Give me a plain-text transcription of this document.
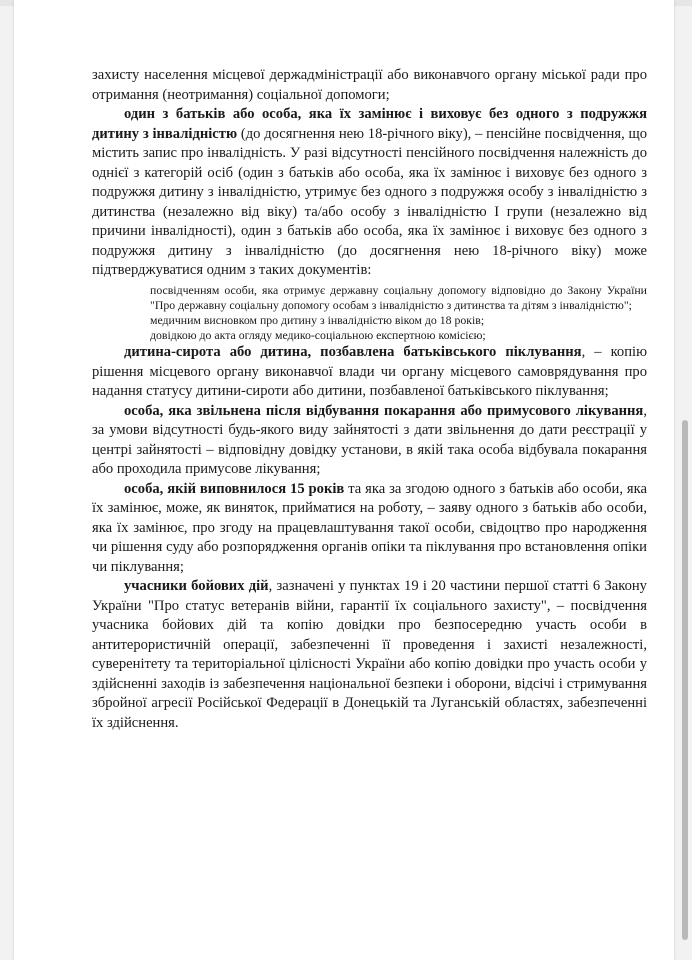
захисту населення місцевої держадміністрації або виконавчого органу міської ради про отримання (неотримання) соціальної допомоги;

один з батьків або особа, яка їх замінює і виховує без одного з подружжя дитину з інвалідністю (до досягнення нею 18-річного віку), – пенсійне посвідчення, що містить запис про інвалідність. У разі відсутності пенсійного посвідчення належність до однієї з категорій осіб (один з батьків або особа, яка їх замінює і виховує без одного з подружжя дитину з інвалідністю, утримує без одного з подружжя особу з інвалідністю з дитинства (незалежно від віку) та/або особу з інвалідністю I групи (незалежно від причини інвалідності), один з батьків або особа, яка їх замінює і виховує без одного з подружжя дитину з інвалідністю (до досягнення нею 18-річного віку) може підтверджуватися одним з таких документів:

посвідченням особи, яка отримує державну соціальну допомогу відповідно до Закону України "Про державну соціальну допомогу особам з інвалідністю з дитинства та дітям з інвалідністю";

медичним висновком про дитину з інвалідністю віком до 18 років;

довідкою до акта огляду медико-соціальною експертною комісією;

дитина-сирота або дитина, позбавлена батьківського піклування, – копію рішення місцевого органу виконавчої влади чи органу місцевого самоврядування про надання статусу дитини-сироти або дитини, позбавленої батьківського піклування;

особа, яка звільнена після відбування покарання або примусового лікування, за умови відсутності будь-якого виду зайнятості з дати звільнення до дати реєстрації у центрі зайнятості – відповідну довідку установи, в якій така особа відбувала покарання або проходила примусове лікування;

особа, якій виповнилося 15 років та яка за згодою одного з батьків або особи, яка їх замінює, може, як виняток, прийматися на роботу, – заяву одного з батьків або особи, яка їх замінює, про згоду на працевлаштування такої особи, свідоцтво про народження чи рішення суду або розпорядження органів опіки та піклування про встановлення опіки чи піклування;

учасники бойових дій, зазначені у пунктах 19 і 20 частини першої статті 6 Закону України "Про статус ветеранів війни, гарантії їх соціального захисту", – посвідчення учасника бойових дій та копію довідки про безпосередню участь особи в антитерористичній операції, забезпеченні її проведення і захисті незалежності, суверенітету та територіальної цілісності України або копію довідки про участь особи у здійсненні заходів із забезпечення національної безпеки і оборони, відсічі і стримування збройної агресії Російської Федерації в Донецькій та Луганській областях, забезпеченні їх здійснення.
